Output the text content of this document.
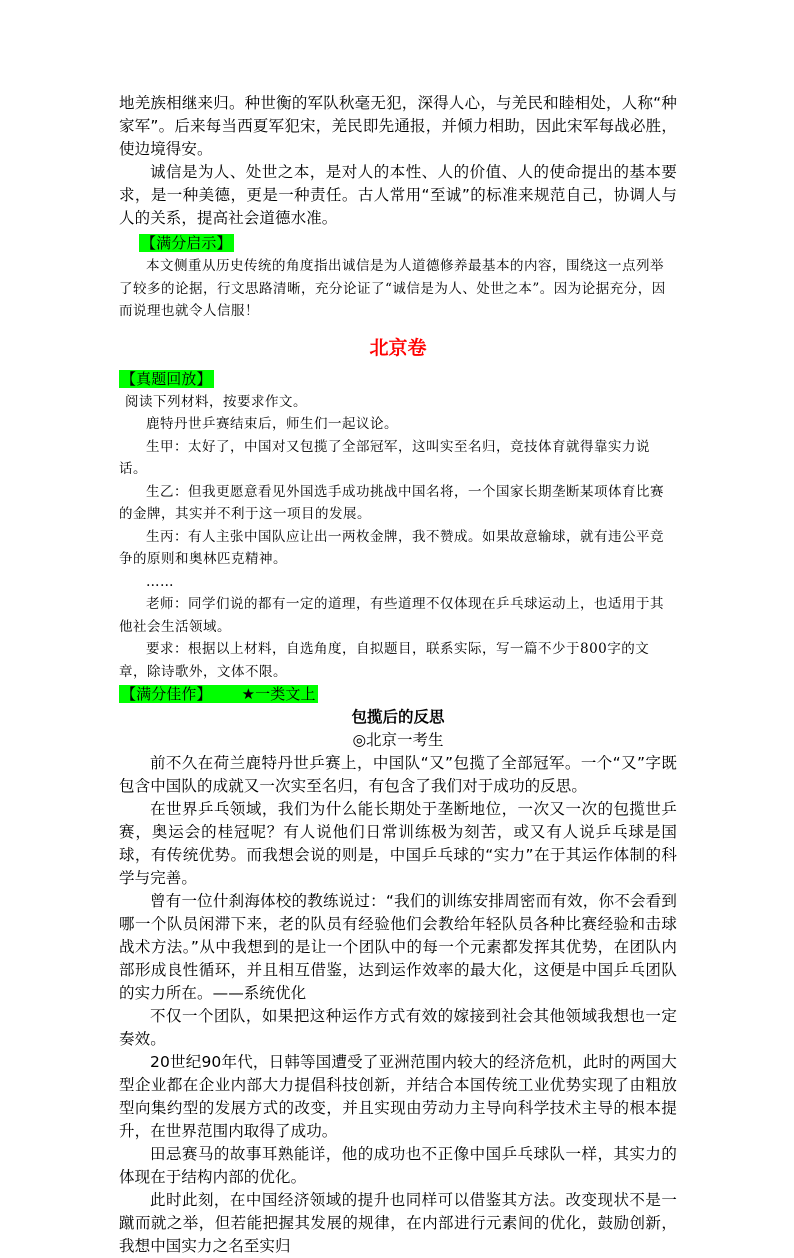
地羌族相继来归。种世衡的军队秋毫无犯，深得人心，与羌民和睦相处，人称“种家军”。后来每当西夏军犯宋，羌民即先通报，并倾力相助，因此宋军每战必胜，使边境得安。

诚信是为人、处世之本，是对人的本性、人的价值、人的使命提出的基本要求，是一种美德，更是一种责任。古人常用“至诚”的标准来规范自己，协调人与人的关系，提高社会道德水准。

【满分启示】

本文侧重从历史传统的角度指出诚信是为人道德修养最基本的内容，围绕这一点列举了较多的论据，行文思路清晰，充分论证了“诚信是为人、处世之本”。因为论据充分，因而说理也就令人信服！

北京卷

【真题回放】

阅读下列材料，按要求作文。

鹿特丹世乒赛结束后，师生们一起议论。

生甲：太好了，中国对又包揽了全部冠军，这叫实至名归，竞技体育就得靠实力说话。

生乙：但我更愿意看见外国选手成功挑战中国名将，一个国家长期垄断某项体育比赛的金牌，其实并不利于这一项目的发展。

生丙：有人主张中国队应让出一两枚金牌，我不赞成。如果故意输球，就有违公平竞争的原则和奥林匹克精神。

……

老师：同学们说的都有一定的道理，有些道理不仅体现在乒乓球运动上，也适用于其他社会生活领域。

要求：根据以上材料，自选角度，自拟题目，联系实际，写一篇不少于800字的文章，除诗歌外，文体不限。

【满分佳作】 ★一类文上

包揽后的反思

◎北京一考生

前不久在荷兰鹿特丹世乒赛上，中国队“又”包揽了全部冠军。一个“又”字既包含中国队的成就又一次实至名归，有包含了我们对于成功的反思。

在世界乒乓领域，我们为什么能长期处于垄断地位，一次又一次的包揽世乒赛，奥运会的桂冠呢？有人说他们日常训练极为刻苦，或又有人说乒乓球是国球，有传统优势。而我想会说的则是，中国乒乓球的“实力”在于其运作体制的科学与完善。

曾有一位什刹海体校的教练说过：“我们的训练安排周密而有效，你不会看到哪一个队员闲滞下来，老的队员有经验他们会教给年轻队员各种比赛经验和击球战术方法。”从中我想到的是让一个团队中的每一个元素都发挥其优势，在团队内部形成良性循环，并且相互借鉴，达到运作效率的最大化，这便是中国乒乓团队的实力所在。——系统优化

不仅一个团队，如果把这种运作方式有效的嫁接到社会其他领域我想也一定奏效。

20世纪90年代，日韩等国遭受了亚洲范围内较大的经济危机，此时的两国大型企业都在企业内部大力提倡科技创新，并结合本国传统工业优势实现了由粗放型向集约型的发展方式的改变，并且实现由劳动力主导向科学技术主导的根本提升，在世界范围内取得了成功。

田忌赛马的故事耳熟能详，他的成功也不正像中国乒乓球队一样，其实力的体现在于结构内部的优化。

此时此刻，在中国经济领域的提升也同样可以借鉴其方法。改变现状不是一蹴而就之举，但若能把握其发展的规律，在内部进行元素间的优化，鼓励创新，我想中国实力之名至实归
